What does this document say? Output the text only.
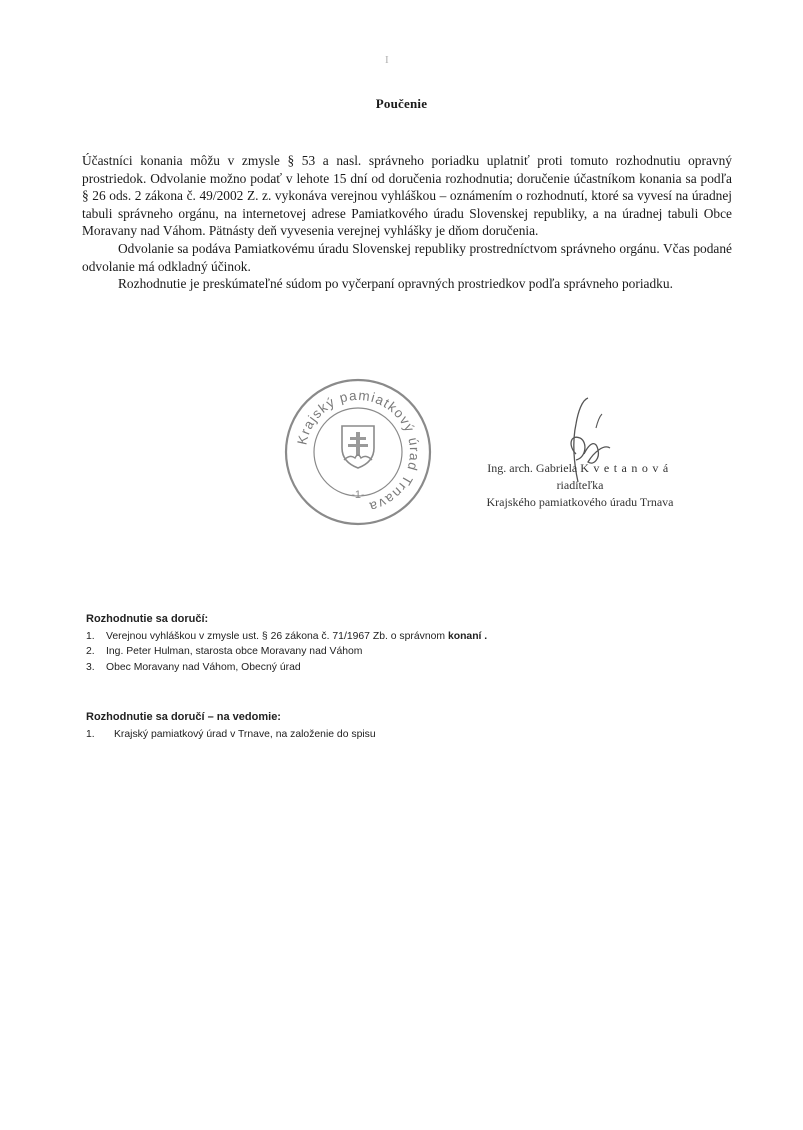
I
Poučenie

Účastníci konania môžu v zmysle § 53 a nasl. správneho poriadku uplatniť proti tomuto rozhodnutiu opravný prostriedok. Odvolanie možno podať v lehote 15 dní od doručenia rozhodnutia; doručenie účastníkom konania sa podľa § 26 ods. 2 zákona č. 49/2002 Z. z. vykonáva verejnou vyhláškou – oznámením o rozhodnutí, ktoré sa vyvesí na úradnej tabuli správneho orgánu, na internetovej adrese Pamiatkového úradu Slovenskej republiky, a na úradnej tabuli Obce Moravany nad Váhom. Pätnásty deň vyvesenia verejnej vyhlášky je dňom doručenia.

Odvolanie sa podáva Pamiatkovému úradu Slovenskej republiky prostredníctvom správneho orgánu. Včas podané odvolanie má odkladný účinok.

Rozhodnutie je preskúmateľné súdom po vyčerpaní opravných prostriedkov podľa správneho poriadku.

Krajský pamiatkový úrad Trnava
-1-
Ing. arch. Gabriela Kvetanová
riaditeľka
Krajského pamiatkového úradu Trnava
Rozhodnutie sa doručí:
1. Verejnou vyhláškou v zmysle ust. § 26 zákona č. 71/1967 Zb. o správnom konaní .
2. Ing. Peter Hulman, starosta obce Moravany nad Váhom
3. Obec Moravany nad Váhom, Obecný úrad
Rozhodnutie sa doručí – na vedomie:
1. Krajský pamiatkový úrad v Trnave, na založenie do spisu
